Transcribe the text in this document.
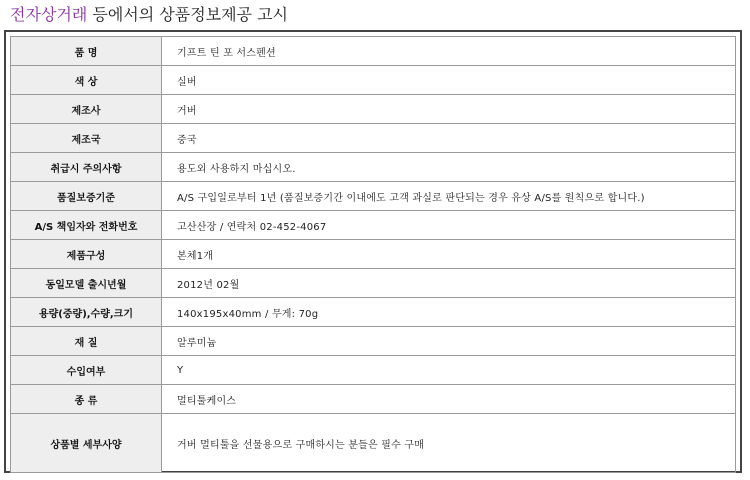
전자상거래 등에서의 상품정보제공 고시
품 명	기프트 틴 포 서스펜션
색 상	실버
제조사	거버
제조국	중국
취급시 주의사항	용도외 사용하지 마십시오.
품질보증기준	A/S 구입일로부터 1년 (품질보증기간 이내에도 고객 과실로 판단되는 경우 유상 A/S를 원칙으로 합니다.)
A/S 책임자와 전화번호	고산산장 / 연락처 02-452-4067
제품구성	본체1개
동일모델 출시년월	2012년 02월
용량(중량),수량,크기	140x195x40mm / 무게: 70g
재 질	알루미늄
수입여부	Y
종 류	멀티툴케이스
상품별 세부사양	거버 멀티툴을 선물용으로 구매하시는 분들은 필수 구매
